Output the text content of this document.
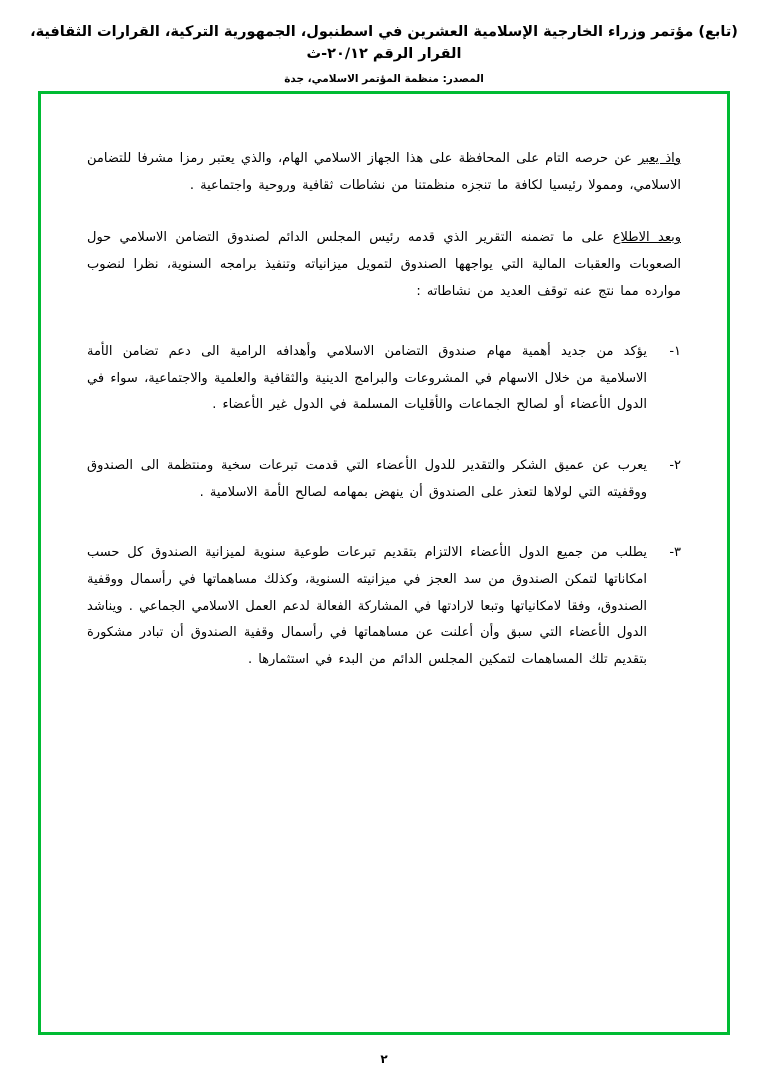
(تابع) مؤتمر وزراء الخارجية الإسلامية العشرين في اسطنبول، الجمهورية التركية، القرارات الثقافية، القرار الرقم ٢٠/١٢-ث
المصدر: منظمة المؤتمر الاسلامي، جدة
واذ يعبر عن حرصه التام على المحافظة على هذا الجهاز الاسلامي الهام، والذي يعتبر رمزا مشرفا للتضامن الاسلامي، ومموﻻ رئيسيا لكافة ما تنجزه منظمتنا من نشاطات ثقافية وروحية واجتماعية .
وبعد الاطلاع على ما تضمنه التقرير الذي قدمه رئيس المجلس الدائم لصندوق التضامن الاسلامي حول الصعوبات والعقبات المالية التي يواجهها الصندوق لتمويل ميزانياته وتنفيذ برامجه السنوية، نظرا لنضوب موارده مما نتج عنه توقف العديد من نشاطاته :
١-
يؤكد من جديد أهمية مهام صندوق التضامن الاسلامي وأهدافه الرامية الى دعم تضامن الأمة الاسلامية من خلال الاسهام في المشروعات والبرامج الدينية والثقافية والعلمية والاجتماعية، سواء في الدول الأعضاء أو لصالح الجماعات والأقليات المسلمة في الدول غير الأعضاء .
٢-
يعرب عن عميق الشكر والتقدير للدول الأعضاء التي قدمت تبرعات سخية ومنتظمة الى الصندوق ووقفيته التي لوﻻها لتعذر على الصندوق أن ينهض بمهامه لصالح الأمة الاسلامية .
٣-
يطلب من جميع الدول الأعضاء الالتزام بتقديم تبرعات طوعية سنوية لميزانية الصندوق كل حسب امكاناتها لتمكن الصندوق من سد العجز في ميزانيته السنوية، وكذلك مساهماتها في رأسمال ووقفية الصندوق، وفقا لامكانياتها وتبعا لارادتها في المشاركة الفعالة لدعم العمل الاسلامي الجماعي . ويناشد الدول الأعضاء التي سبق وأن أعلنت عن مساهماتها في رأسمال وقفية الصندوق أن تبادر مشكورة بتقديم تلك المساهمات لتمكين المجلس الدائم من البدء في استثمارها .
٢
